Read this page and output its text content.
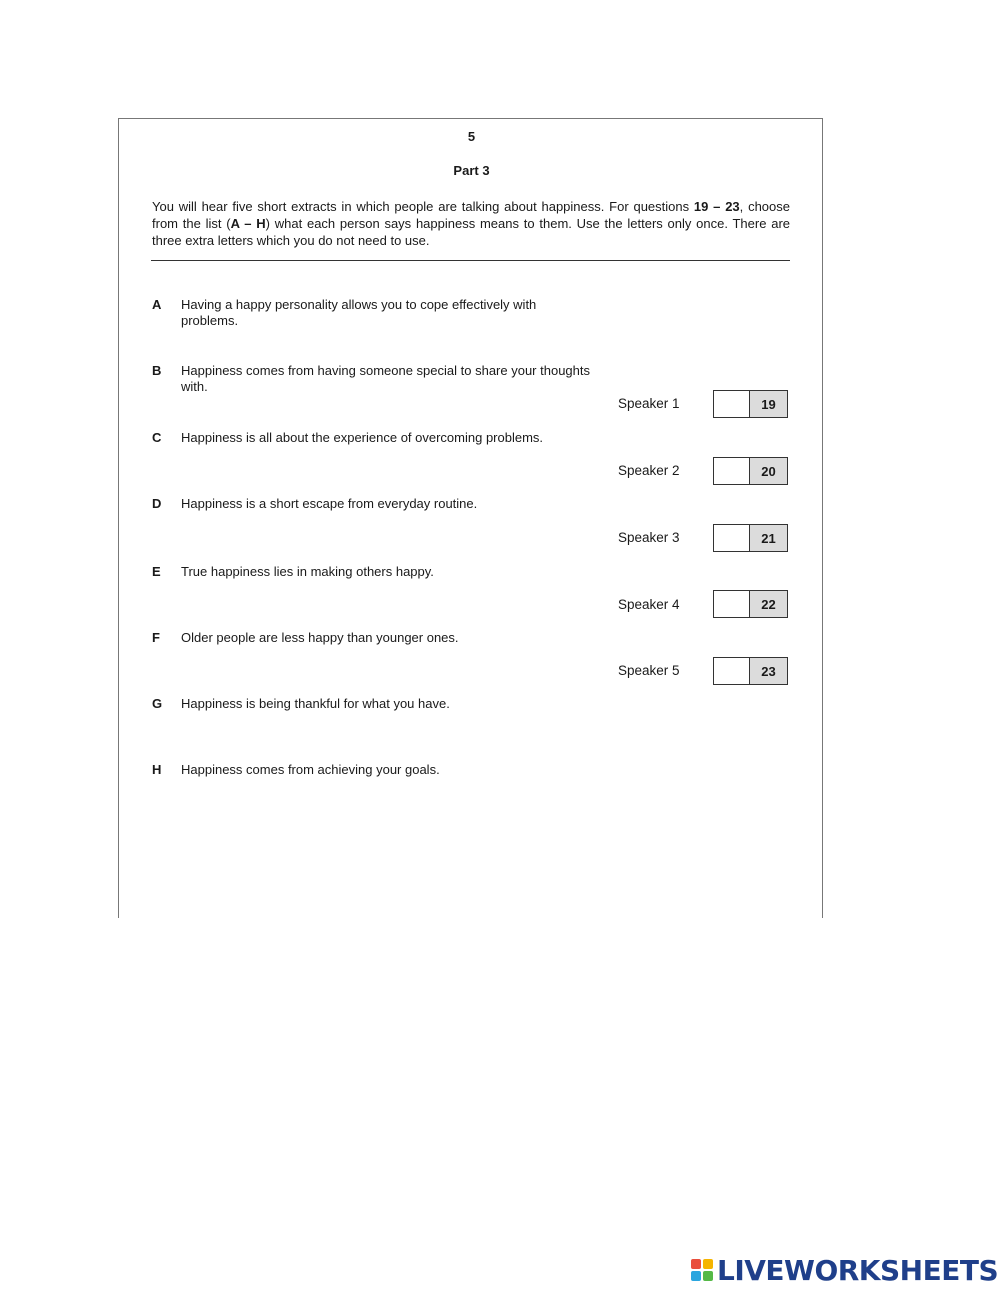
5
Part 3
You will hear five short extracts in which people are talking about happiness. For questions 19 – 23, choose from the list (A – H) what each person says happiness means to them. Use the letters only once. There are three extra letters which you do not need to use.
A Having a happy personality allows you to cope effectively with problems.
B Happiness comes from having someone special to share your thoughts with.
C Happiness is all about the experience of overcoming problems.
D Happiness is a short escape from everyday routine.
E True happiness lies in making others happy.
F Older people are less happy than younger ones.
G Happiness is being thankful for what you have.
H Happiness comes from achieving your goals.
Speaker 1	19
Speaker 2	20
Speaker 3	21
Speaker 4	22
Speaker 5	23
LIVEWORKSHEETS
